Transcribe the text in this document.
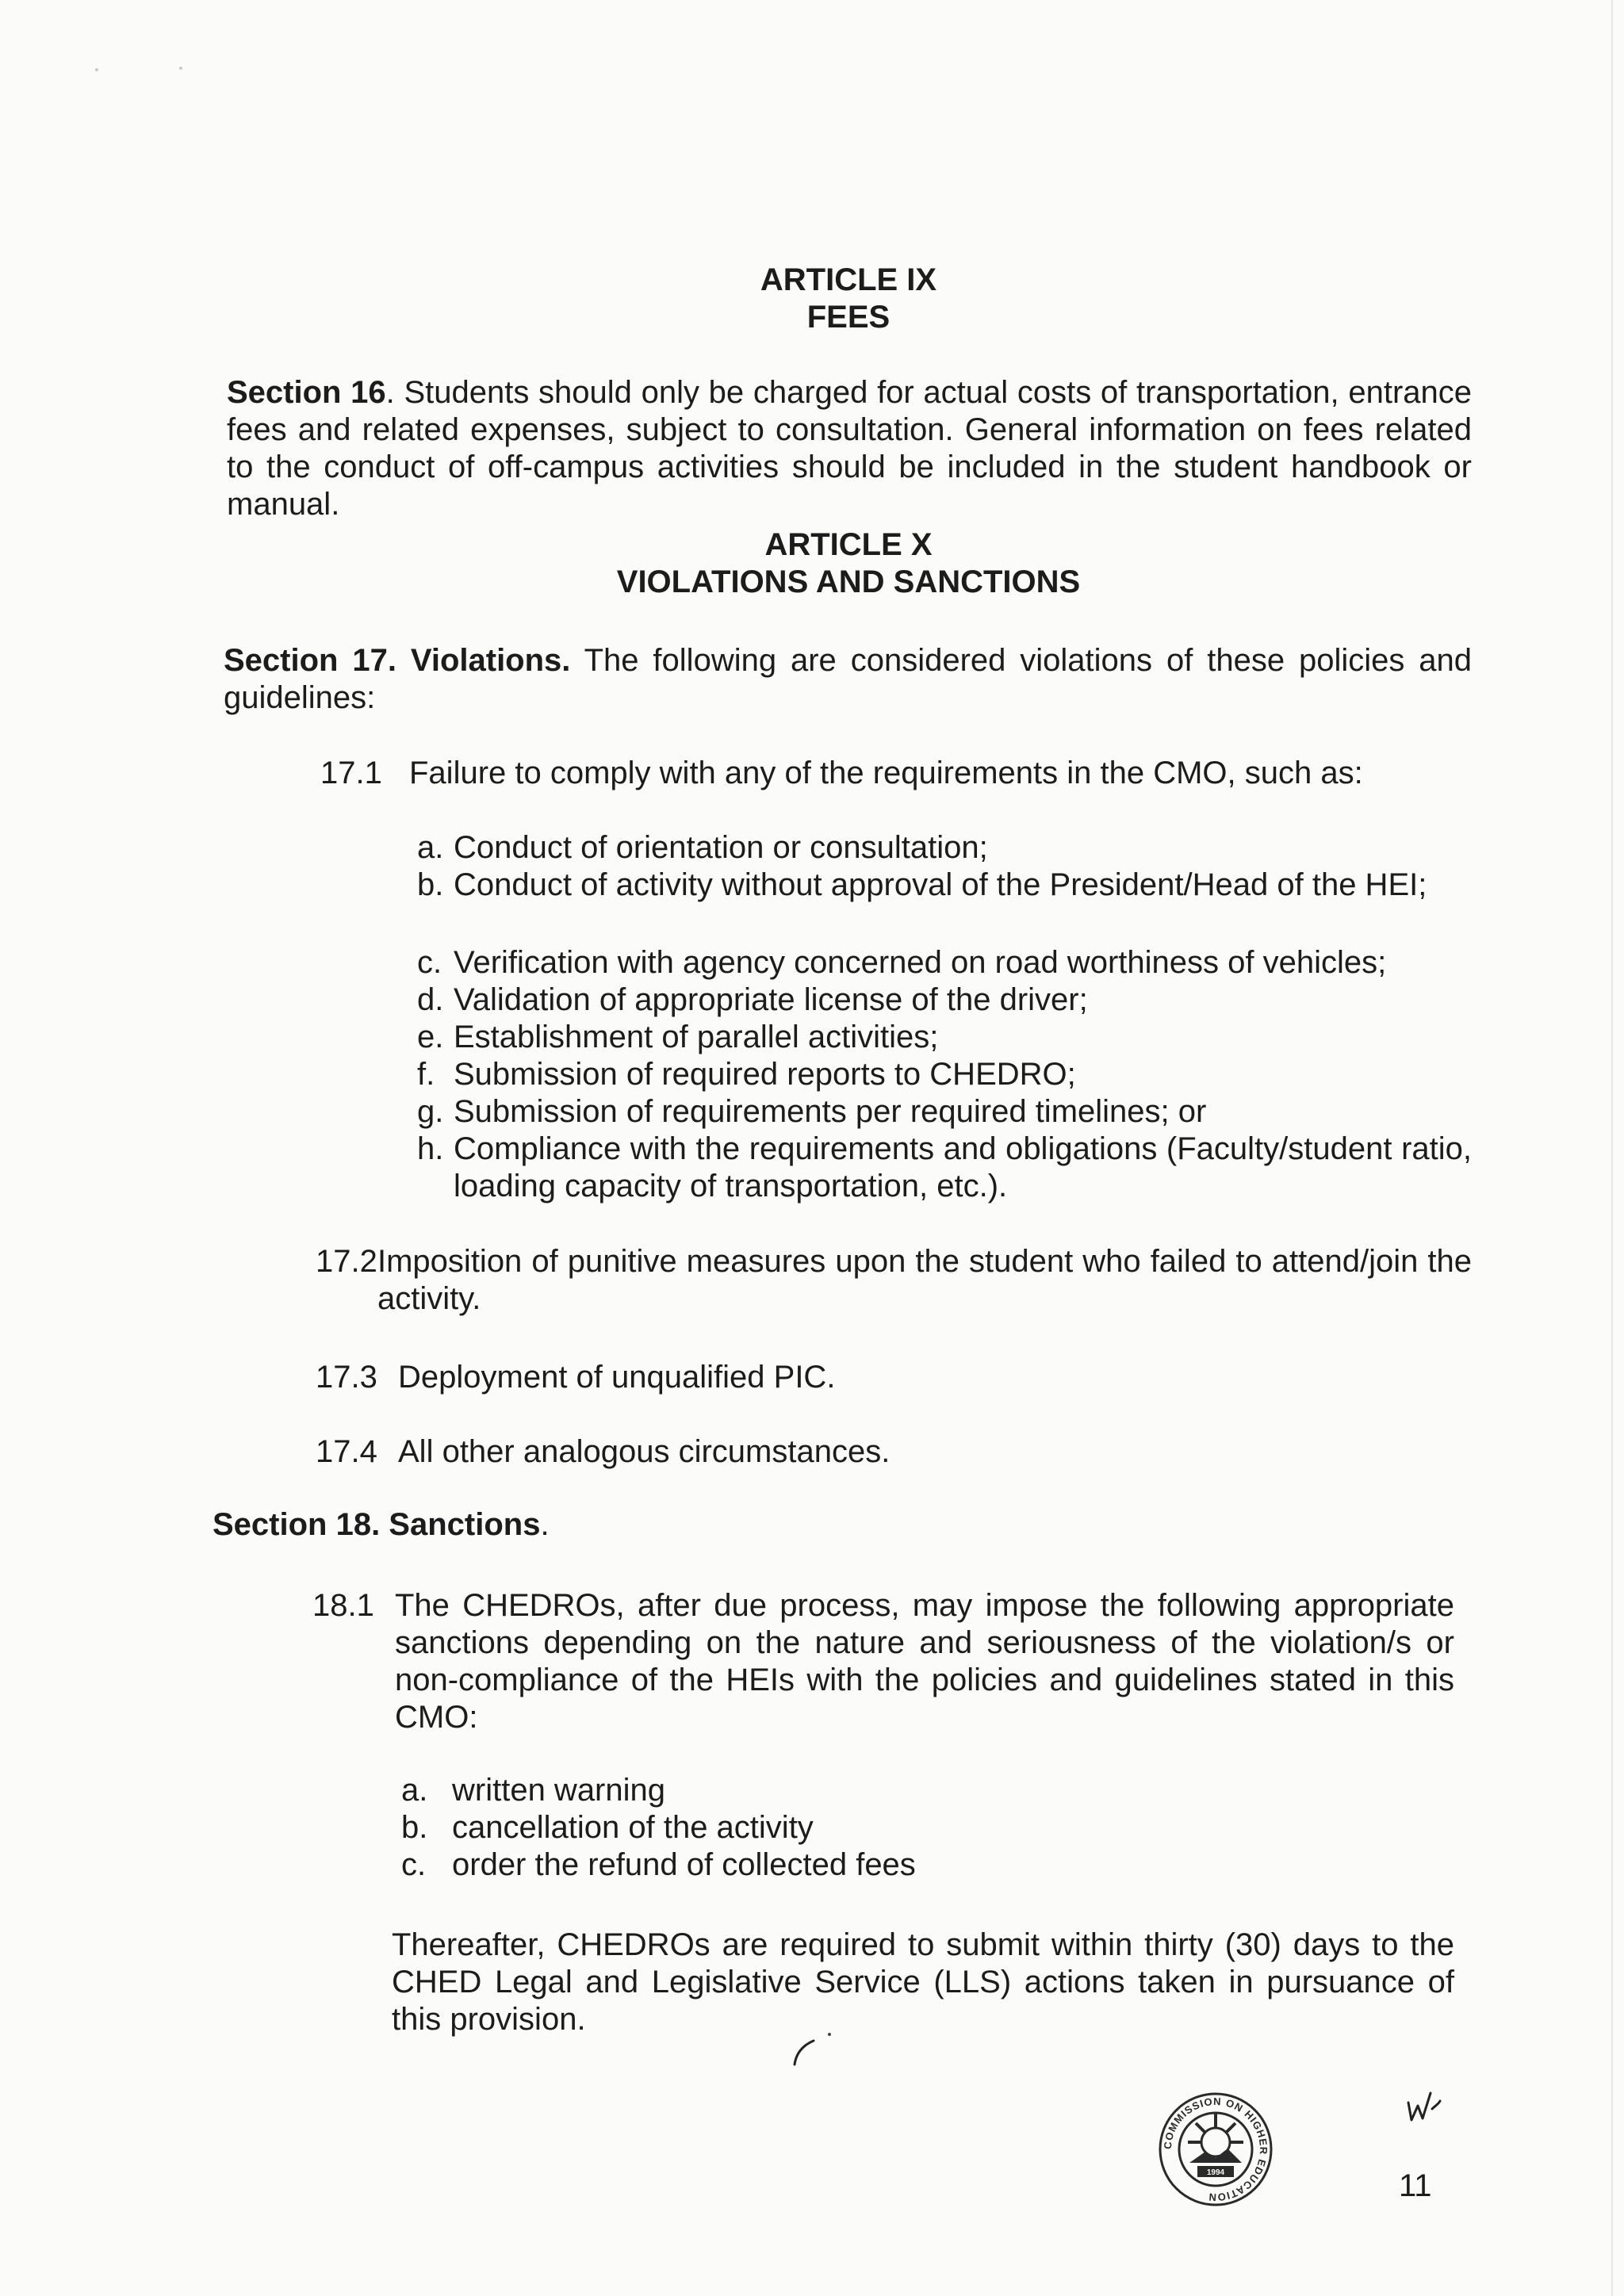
ARTICLE IX
FEES
Section 16. Students should only be charged for actual costs of transportation, entrance fees and related expenses, subject to consultation. General information on fees related to the conduct of off-campus activities should be included in the student handbook or manual.
ARTICLE X
VIOLATIONS AND SANCTIONS
Section 17. Violations. The following are considered violations of these policies and guidelines:
17.1 Failure to comply with any of the requirements in the CMO, such as:
a. Conduct of orientation or consultation;
b. Conduct of activity without approval of the President/Head of the HEI;
c. Verification with agency concerned on road worthiness of vehicles;
d. Validation of appropriate license of the driver;
e. Establishment of parallel activities;
f. Submission of required reports to CHEDRO;
g. Submission of requirements per required timelines; or
h. Compliance with the requirements and obligations (Faculty/student ratio, loading capacity of transportation, etc.).
17.2 Imposition of punitive measures upon the student who failed to attend/join the activity.
17.3 Deployment of unqualified PIC.
17.4 All other analogous circumstances.
Section 18. Sanctions.
18.1 The CHEDROs, after due process, may impose the following appropriate sanctions depending on the nature and seriousness of the violation/s or non-compliance of the HEIs with the policies and guidelines stated in this CMO:
a. written warning
b. cancellation of the activity
c. order the refund of collected fees
Thereafter, CHEDROs are required to submit within thirty (30) days to the CHED Legal and Legislative Service (LLS) actions taken in pursuance of this provision.
COMMISSION ON HIGHER EDUCATION
1994	11
